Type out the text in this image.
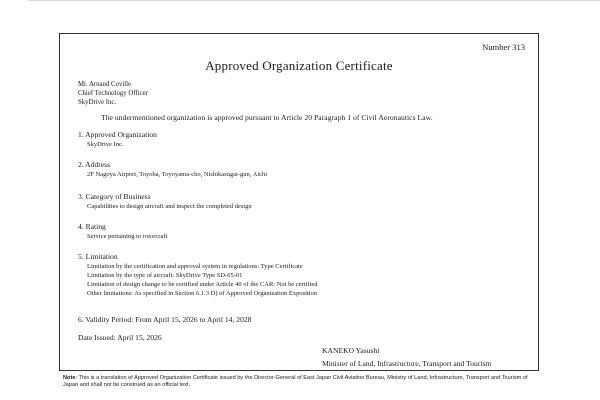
Number 313
Approved Organization Certificate
Mr. Arnaud Coville
Chief Technology Officer
SkyDrive Inc.
The undermentioned organization is approved pursuant to Article 20 Paragraph 1 of Civil Aeronautics Law.
1. Approved Organization
SkyDrive Inc.
2. Address
2F Nagoya Airport, Toyoba, Toyoyama-cho, Nishikasugai-gun, Aichi
3. Category of Business
Capabilities to design aircraft and inspect the completed design
4. Rating
Service pertaining to rotorcraft
5. Limitation
Limitation by the certification and approval system in regulations: Type Certificate
Limitation by the type of aircraft: SkyDrive Type SD-05-01
Limitation of design change to be certified under Article 40 of the CAR: Not be certified
Other limitations: As specified in Section 6.1.3 D) of Approved Organization Exposition
6. Validity Period: From April 15, 2026 to April 14, 2028
Date Issued: April 15, 2026
KANEKO Yasushi
Minister of Land, Infrastructure, Transport and Tourism
Note: This is a translation of Approved Organization Certificate issued by the Director-General of East Japan Civil Aviation Bureau, Ministry of Land, Infrastructure, Transport and Tourism of Japan and shall not be construed as an official text.
